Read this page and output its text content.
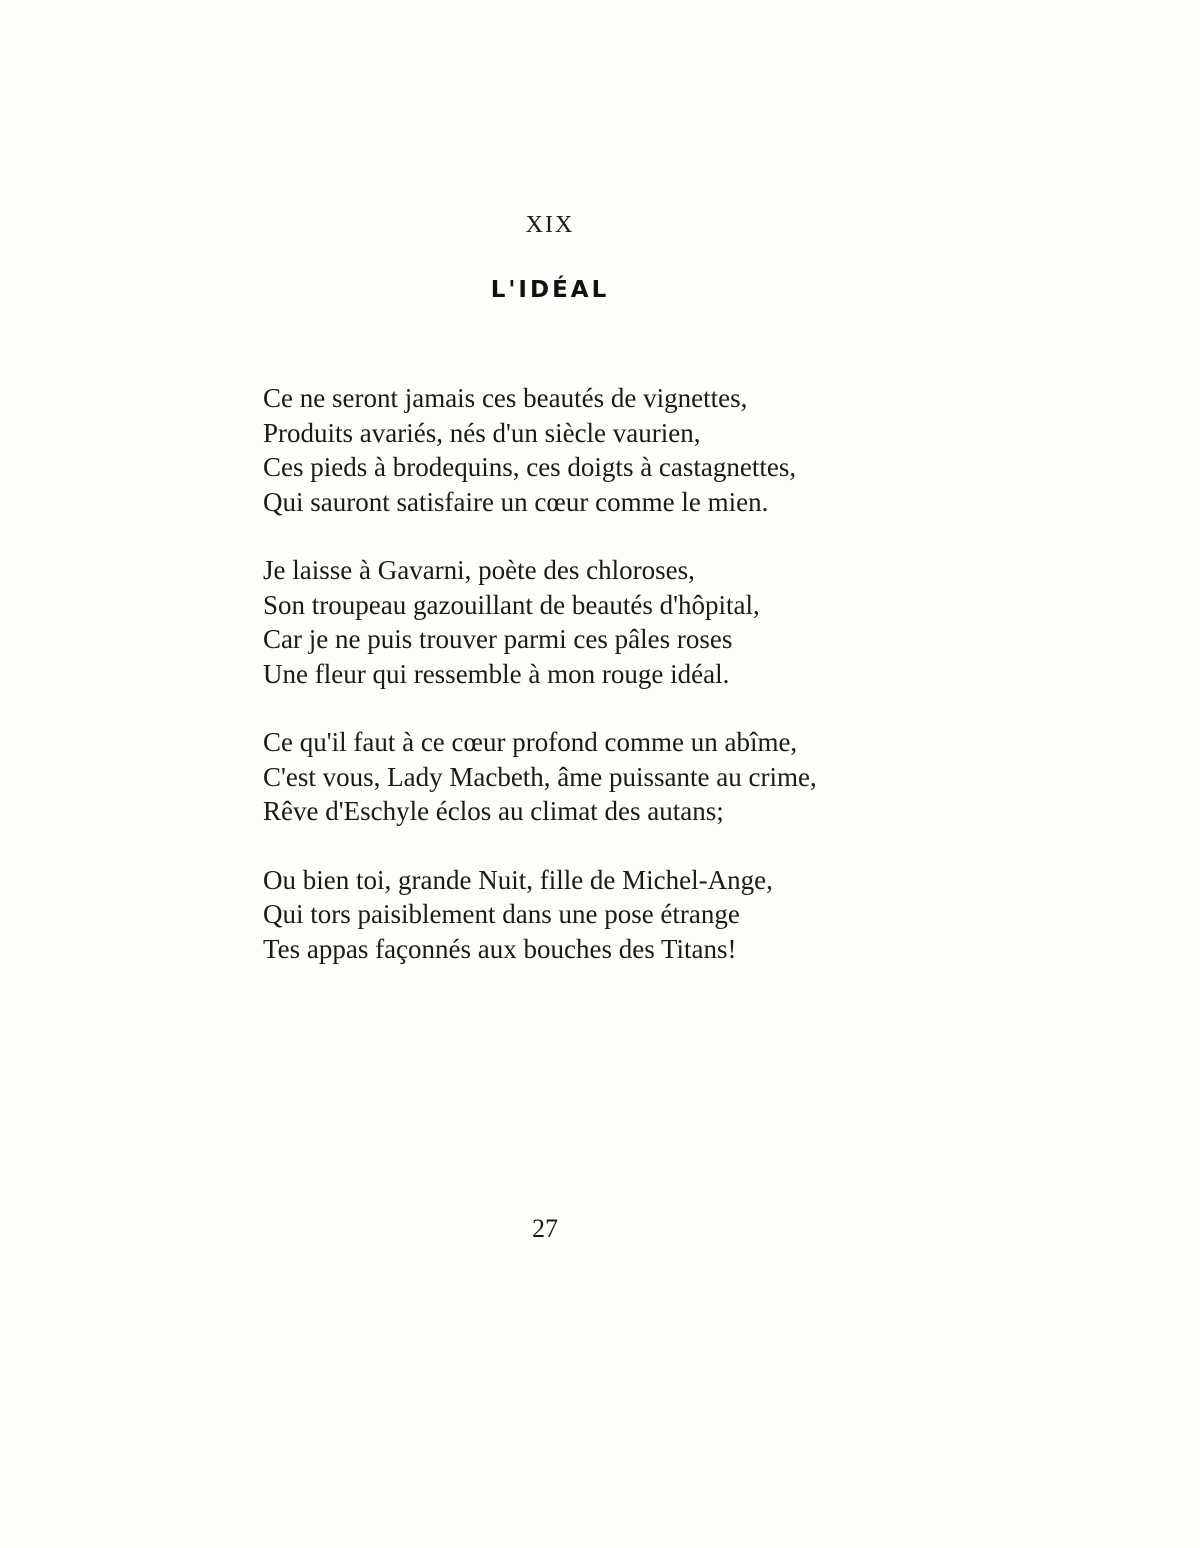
XIX
L'IDÉAL
Ce ne seront jamais ces beautés de vignettes,
Produits avariés, nés d'un siècle vaurien,
Ces pieds à brodequins, ces doigts à castagnettes,
Qui sauront satisfaire un cœur comme le mien.
Je laisse à Gavarni, poète des chloroses,
Son troupeau gazouillant de beautés d'hôpital,
Car je ne puis trouver parmi ces pâles roses
Une fleur qui ressemble à mon rouge idéal.
Ce qu'il faut à ce cœur profond comme un abîme,
C'est vous, Lady Macbeth, âme puissante au crime,
Rêve d'Eschyle éclos au climat des autans;
Ou bien toi, grande Nuit, fille de Michel-Ange,
Qui tors paisiblement dans une pose étrange
Tes appas façonnés aux bouches des Titans!
27
